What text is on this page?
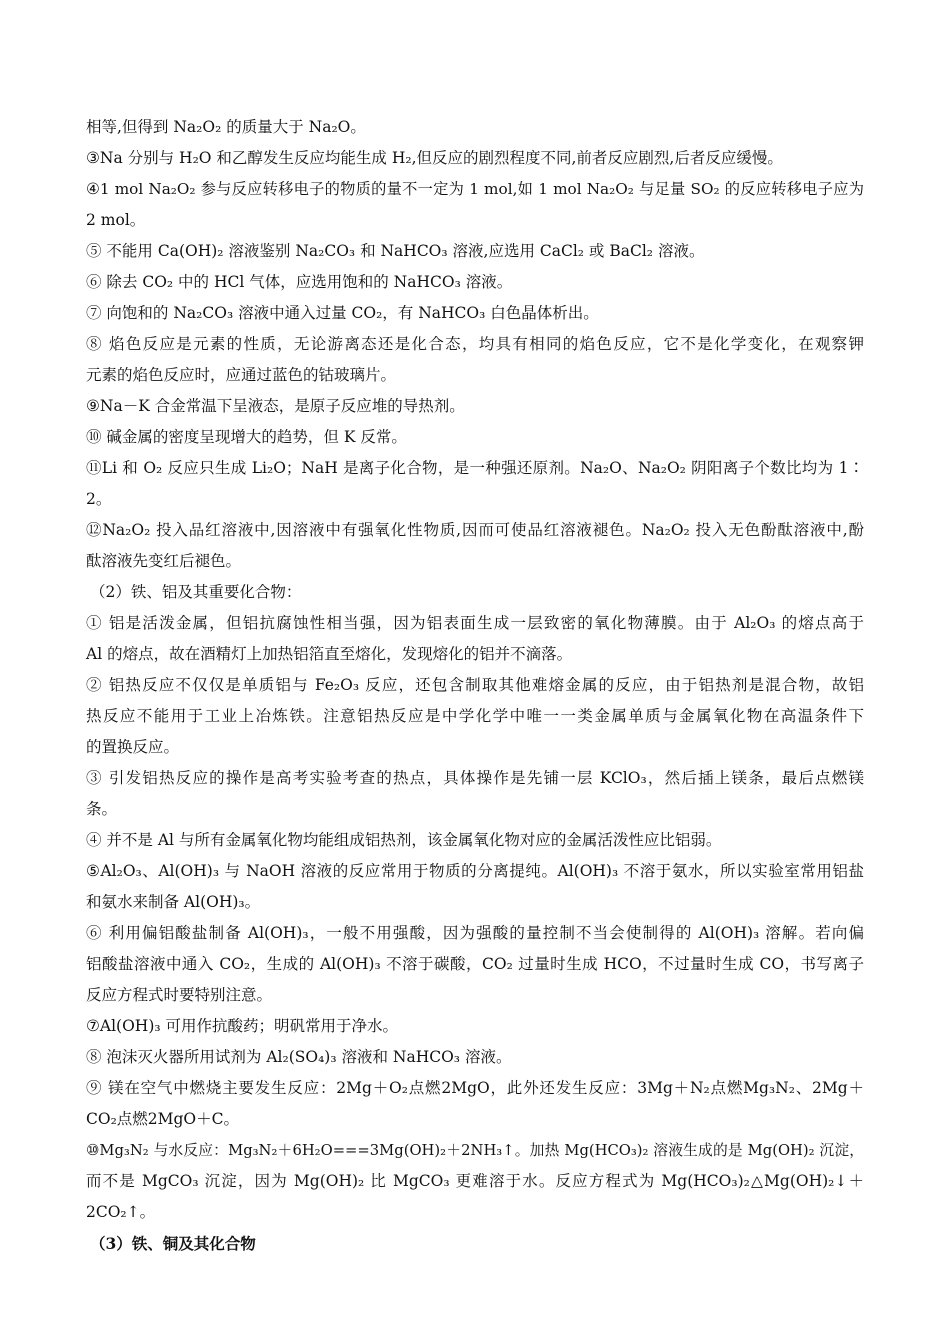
相等,但得到 Na₂O₂ 的质量大于 Na₂O。
③Na 分别与 H₂O 和乙醇发生反应均能生成 H₂,但反应的剧烈程度不同,前者反应剧烈,后者反应缓慢。
④1 mol Na₂O₂ 参与反应转移电子的物质的量不一定为 1 mol,如 1 mol Na₂O₂ 与足量 SO₂ 的反应转移电子应为
2 mol。
⑤ 不能用 Ca(OH)₂ 溶液鉴别 Na₂CO₃ 和 NaHCO₃ 溶液,应选用 CaCl₂ 或 BaCl₂ 溶液。
⑥ 除去 CO₂ 中的 HCl 气体，应选用饱和的 NaHCO₃ 溶液。
⑦ 向饱和的 Na₂CO₃ 溶液中通入过量 CO₂，有 NaHCO₃ 白色晶体析出。
⑧ 焰色反应是元素的性质，无论游离态还是化合态，均具有相同的焰色反应，它不是化学变化，在观察钾
元素的焰色反应时，应通过蓝色的钴玻璃片。
⑨Na－K 合金常温下呈液态，是原子反应堆的导热剂。
⑩ 碱金属的密度呈现增大的趋势，但 K 反常。
⑪Li 和 O₂ 反应只生成 Li₂O；NaH 是离子化合物，是一种强还原剂。Na₂O、Na₂O₂ 阴阳离子个数比均为 1∶
2。
⑫Na₂O₂ 投入品红溶液中,因溶液中有强氧化性物质,因而可使品红溶液褪色。Na₂O₂ 投入无色酚酞溶液中,酚
酞溶液先变红后褪色。
（2）铁、铝及其重要化合物：
① 铝是活泼金属，但铝抗腐蚀性相当强，因为铝表面生成一层致密的氧化物薄膜。由于 Al₂O₃ 的熔点高于
Al 的熔点，故在酒精灯上加热铝箔直至熔化，发现熔化的铝并不滴落。
② 铝热反应不仅仅是单质铝与 Fe₂O₃ 反应，还包含制取其他难熔金属的反应，由于铝热剂是混合物，故铝
热反应不能用于工业上冶炼铁。注意铝热反应是中学化学中唯一一类金属单质与金属氧化物在高温条件下
的置换反应。
③ 引发铝热反应的操作是高考实验考查的热点，具体操作是先铺一层 KClO₃，然后插上镁条，最后点燃镁
条。
④ 并不是 Al 与所有金属氧化物均能组成铝热剂，该金属氧化物对应的金属活泼性应比铝弱。
⑤Al₂O₃、Al(OH)₃ 与 NaOH 溶液的反应常用于物质的分离提纯。Al(OH)₃ 不溶于氨水，所以实验室常用铝盐
和氨水来制备 Al(OH)₃。
⑥ 利用偏铝酸盐制备 Al(OH)₃，一般不用强酸，因为强酸的量控制不当会使制得的 Al(OH)₃ 溶解。若向偏
铝酸盐溶液中通入 CO₂，生成的 Al(OH)₃ 不溶于碳酸，CO₂ 过量时生成 HCO，不过量时生成 CO，书写离子
反应方程式时要特别注意。
⑦Al(OH)₃ 可用作抗酸药；明矾常用于净水。
⑧ 泡沫灭火器所用试剂为 Al₂(SO₄)₃ 溶液和 NaHCO₃ 溶液。
⑨ 镁在空气中燃烧主要发生反应：2Mg＋O₂点燃2MgO，此外还发生反应：3Mg＋N₂点燃Mg₃N₂、2Mg＋
CO₂点燃2MgO＋C。
⑩Mg₃N₂ 与水反应：Mg₃N₂＋6H₂O===3Mg(OH)₂＋2NH₃↑。加热 Mg(HCO₃)₂ 溶液生成的是 Mg(OH)₂ 沉淀，
而不是 MgCO₃ 沉淀，因为 Mg(OH)₂ 比 MgCO₃ 更难溶于水。反应方程式为 Mg(HCO₃)₂△Mg(OH)₂↓＋
2CO₂↑。
（3）铁、铜及其化合物
